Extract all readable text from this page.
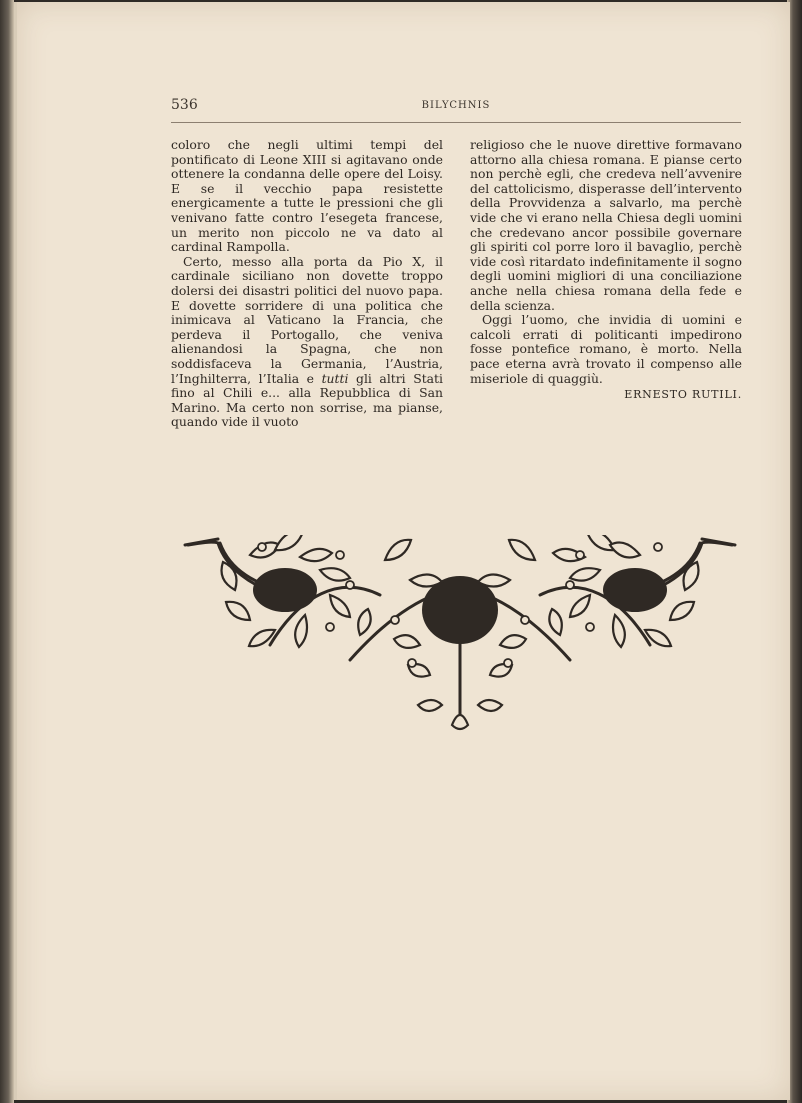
536	BILYCHNIS

coloro che negli ultimi tempi del pontificato di Leone XIII si agitavano onde ottenere la condanna delle opere del Loisy. E se il vecchio papa resistette energicamente a tutte le pressioni che gli venivano fatte contro l’esegeta francese, un merito non piccolo ne va dato al cardinal Rampolla.

Certo, messo alla porta da Pio X, il cardinale siciliano non dovette troppo dolersi dei disastri politici del nuovo papa. E dovette sorridere di una politica che inimicava al Vaticano la Francia, che perdeva il Portogallo, che veniva alienandosi la Spagna, che non soddisfaceva la Germania, l’Austria, l’Inghilterra, l’Italia e tutti gli altri Stati fino al Chili e... alla Repubblica di San Marino. Ma certo non sorrise, ma pianse, quando vide il vuoto

religioso che le nuove direttive formavano attorno alla chiesa romana. E pianse certo non perchè egli, che credeva nell’avvenire del cattolicismo, disperasse dell’intervento della Provvidenza a salvarlo, ma perchè vide che vi erano nella Chiesa degli uomini che credevano ancor possibile governare gli spiriti col porre loro il bavaglio, perchè vide così ritardato indefinitamente il sogno degli uomini migliori di una conciliazione anche nella chiesa romana della fede e della scienza.

Oggi l’uomo, che invidia di uomini e calcoli errati di politicanti impedirono fosse pontefice romano, è morto. Nella pace eterna avrà trovato il compenso alle miseriole di quaggiù.

ERNESTO RUTILI.
